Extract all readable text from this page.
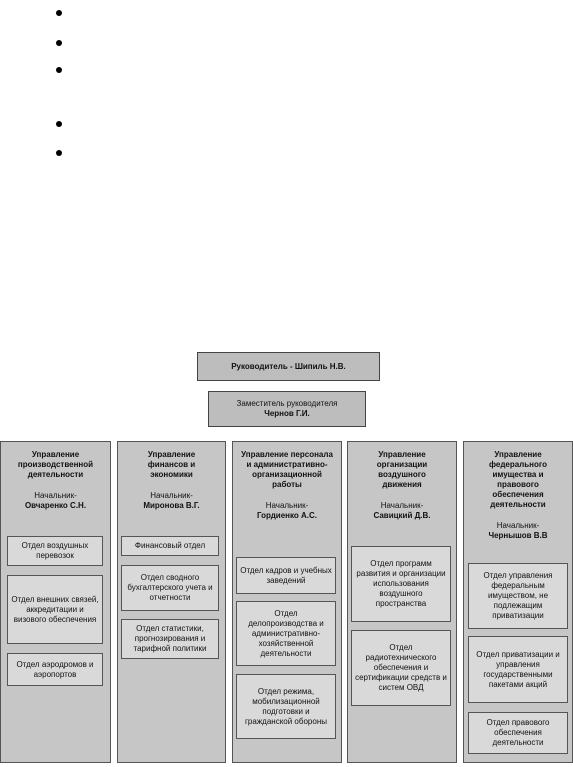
Руководитель - Шипиль Н.В.
Заместитель руководителя
Чернов Г.И.
Управление производственной деятельности
Начальник-
Овчаренко С.Н.
Отдел воздушных перевозок
Отдел внешних связей, аккредитации и визового обеспечения
Отдел аэродромов и аэропортов
Управление финансов и экономики
Начальник-
Миронова В.Г.
Финансовый отдел
Отдел сводного бухгалтерского учета и отчетности
Отдел статистики, прогнозирования и тарифной политики
Управление персонала и административно-организационной работы
Начальник-
Гордиенко А.С.
Отдел кадров и учебных заведений
Отдел делопроизводства и административно-хозяйственной деятельности
Отдел режима, мобилизационной подготовки и гражданской обороны
Управление организации воздушного движения
Начальник-
Савицкий Д.В.
Отдел программ развития и организации использования воздушного пространства
Отдел радиотехнического обеспечения и сертификации средств и систем ОВД
Управление федерального имущества и правового обеспечения деятельности
Начальник-
Чернышов В.В
Отдел управления федеральным имуществом, не подлежащим приватизации
Отдел приватизации и управления государственными пакетами акций
Отдел правового обеспечения деятельности
